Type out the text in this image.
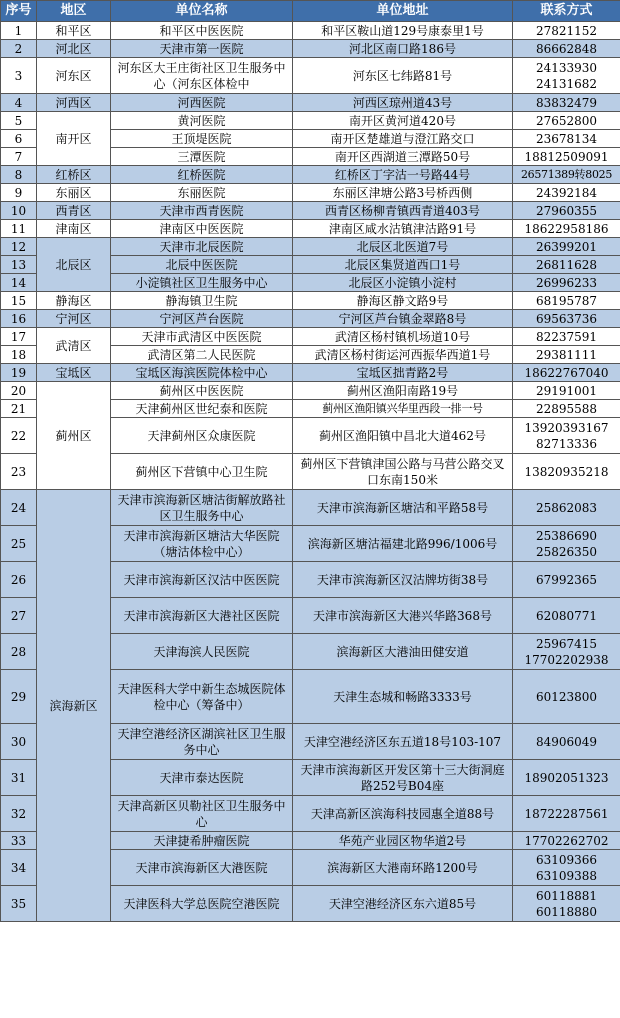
序号	地区	单位名称	单位地址	联系方式
1	和平区	和平区中医医院	和平区鞍山道129号康泰里1号	27821152

2	河北区	天津市第一医院	河北区南口路186号	86662848

3	河东区	河东区大王庄街社区卫生服务中心（河东区体检中	河东区七纬路81号	24133930
24131682

4	河西区	河西医院	河西区琼州道43号	83832479

5	南开区	黄河医院	南开区黄河道420号	27652800

6		王顶堤医院	南开区楚雄道与澄江路交口	23678134

7		三潭医院	南开区西湖道三潭路50号	18812509091

8	红桥区	红桥医院	红桥区丁字沽一号路44号	26571389转8025

9	东丽区	东丽医院	东丽区津塘公路3号桥西侧	24392184

10	西青区	天津市西青医院	西青区杨柳青镇西青道403号	27960355

11	津南区	津南区中医医院	津南区咸水沽镇津沽路91号	18622958186

12	北辰区	天津市北辰医院	北辰区北医道7号	26399201

13		北辰中医医院	北辰区集贤道西口1号	26811628

14		小淀镇社区卫生服务中心	北辰区小淀镇小淀村	26996233

15	静海区	静海镇卫生院	静海区静文路9号	68195787

16	宁河区	宁河区芦台医院	宁河区芦台镇金翠路8号	69563736

17	武清区	天津市武清区中医医院	武清区杨村镇机场道10号	82237591

18		武清区第二人民医院	武清区杨村街运河西振华西道1号	29381111

19	宝坻区	宝坻区海滨医院体检中心	宝坻区拙青路2号	18622767040

20	蓟州区	蓟州区中医医院	蓟州区渔阳南路19号	29191001

21		天津蓟州区世纪泰和医院	蓟州区渔阳镇兴华里西段一排一号	22895588

22		天津蓟州区众康医院	蓟州区渔阳镇中昌北大道462号	13920393167
82713336

23		蓟州区下营镇中心卫生院	蓟州区下营镇津国公路与马营公路交叉口东南150米	13820935218

24	滨海新区	天津市滨海新区塘沽街解放路社区卫生服务中心	天津市滨海新区塘沽和平路58号	25862083

25		天津市滨海新区塘沽大华医院（塘沽体检中心）	滨海新区塘沽福建北路996/1006号	25386690
25826350

26		天津市滨海新区汉沽中医医院	天津市滨海新区汉沽牌坊街38号	67992365

27		天津市滨海新区大港社区医院	天津市滨海新区大港兴华路368号	62080771

28		天津海滨人民医院	滨海新区大港油田健安道	25967415
17702202938

29		天津医科大学中新生态城医院体检中心（筹备中）	天津生态城和畅路3333号	60123800

30		天津空港经济区湖滨社区卫生服务中心	天津空港经济区东五道18号103-107	84906049

31		天津市泰达医院	天津市滨海新区开发区第十三大街洞庭路252号B04座	18902051323

32		天津高新区贝勒社区卫生服务中心	天津高新区滨海科技园惠全道88号	18722287561

33		天津捷希肿瘤医院	华苑产业园区物华道2号	17702262702

34		天津市滨海新区大港医院	滨海新区大港南环路1200号	63109366
63109388

35		天津医科大学总医院空港医院	天津空港经济区东六道85号	60118881
60118880
